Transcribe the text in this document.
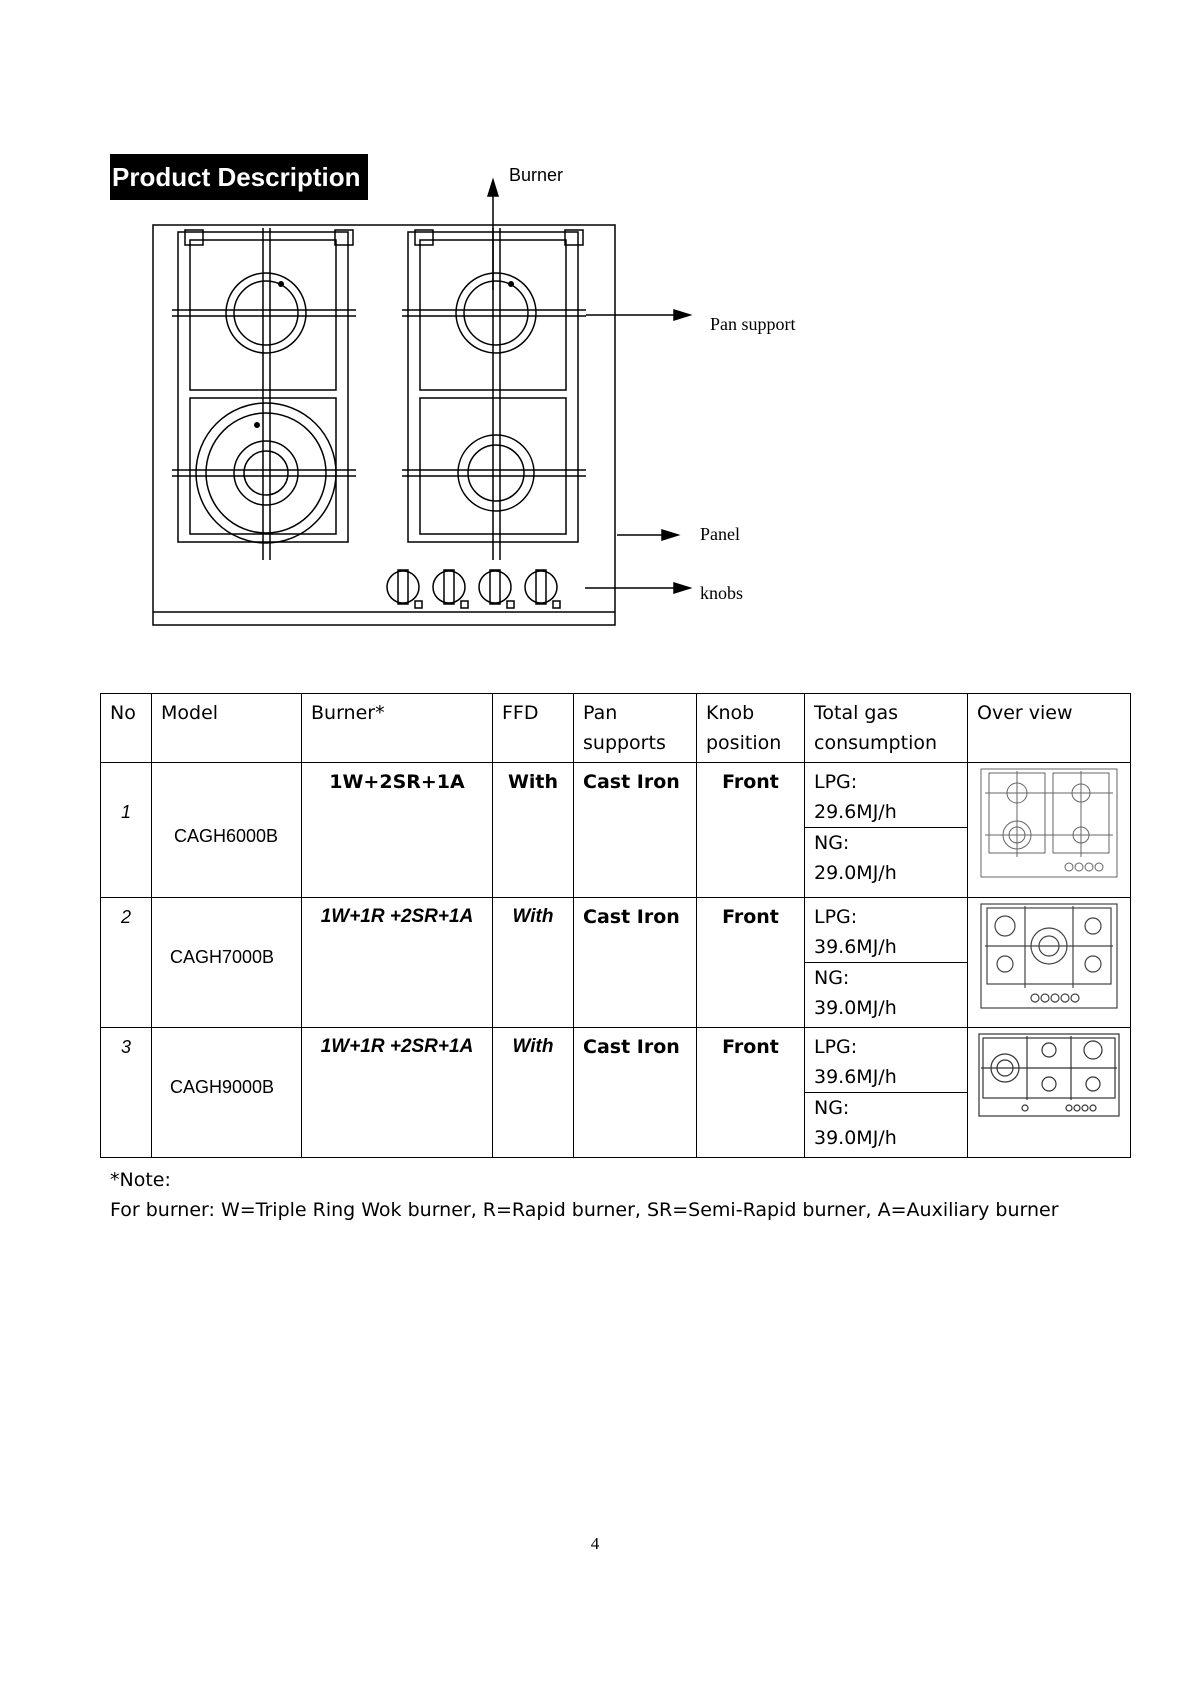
Product Description	Burner
Pan support
Panel
knobs
No	Model	Burner*	FFD	Pan supports	Knob position	Total gas consumption	Over view
1	CAGH6000B	1W+2SR+1A	With	Cast Iron	Front	LPG:
29.6MJ/h
NG:
29.0MJ/h

2	CAGH7000B	1W+1R +2SR+1A	With	Cast Iron	Front	LPG:
39.6MJ/h
NG:
39.0MJ/h

3	CAGH9000B	1W+1R +2SR+1A	With	Cast Iron	Front	LPG:
39.6MJ/h
NG:
39.0MJ/h

*Note:
For burner: W=Triple Ring Wok burner, R=Rapid burner, SR=Semi-Rapid burner, A=Auxiliary burner
4
